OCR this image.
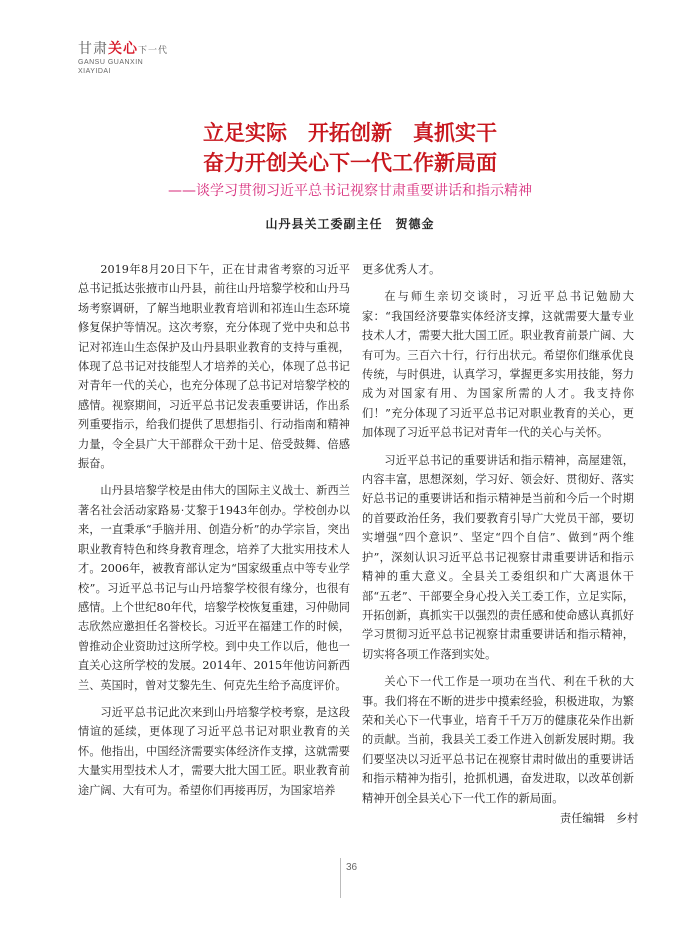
甘肃关心下一代
GANSU GUANXIN
XIAYIDAI
立足实际　开拓创新　真抓实干
奋力开创关心下一代工作新局面
——谈学习贯彻习近平总书记视察甘肃重要讲话和指示精神
山丹县关工委副主任　贺德金

2019年8月20日下午，正在甘肃省考察的习近平总书记抵达张掖市山丹县，前往山丹培黎学校和山丹马场考察调研，了解当地职业教育培训和祁连山生态环境修复保护等情况。这次考察，充分体现了党中央和总书记对祁连山生态保护及山丹县职业教育的支持与重视，体现了总书记对技能型人才培养的关心，体现了总书记对青年一代的关心，也充分体现了总书记对培黎学校的感情。视察期间，习近平总书记发表重要讲话，作出系列重要指示，给我们提供了思想指引、行动指南和精神力量，令全县广大干部群众干劲十足、倍受鼓舞、倍感振奋。

山丹县培黎学校是由伟大的国际主义战士、新西兰著名社会活动家路易·艾黎于1943年创办。学校创办以来，一直秉承“手脑并用、创造分析”的办学宗旨，突出职业教育特色和终身教育理念，培养了大批实用技术人才。2006年，被教育部认定为“国家级重点中等专业学校”。习近平总书记与山丹培黎学校很有缘分，也很有感情。上个世纪80年代，培黎学校恢复重建，习仲勋同志欣然应邀担任名誉校长。习近平在福建工作的时候，曾推动企业资助过这所学校。到中央工作以后，他也一直关心这所学校的发展。2014年、2015年他访问新西兰、英国时，曾对艾黎先生、何克先生给予高度评价。

习近平总书记此次来到山丹培黎学校考察，是这段情谊的延续，更体现了习近平总书记对职业教育的关怀。他指出，中国经济需要实体经济作支撑，这就需要大量实用型技术人才，需要大批大国工匠。职业教育前途广阔、大有可为。希望你们再接再厉，为国家培养

更多优秀人才。

在与师生亲切交谈时，习近平总书记勉励大家：“我国经济要靠实体经济支撑，这就需要大量专业技术人才，需要大批大国工匠。职业教育前景广阔、大有可为。三百六十行，行行出状元。希望你们继承优良传统，与时俱进，认真学习，掌握更多实用技能，努力成为对国家有用、为国家所需的人才。我支持你们！”充分体现了习近平总书记对职业教育的关心，更加体现了习近平总书记对青年一代的关心与关怀。

习近平总书记的重要讲话和指示精神，高屋建瓴，内容丰富，思想深刻，学习好、领会好、贯彻好、落实好总书记的重要讲话和指示精神是当前和今后一个时期的首要政治任务，我们要教育引导广大党员干部，要切实增强“四个意识”、坚定“四个自信”、做到“两个维护”，深刻认识习近平总书记视察甘肃重要讲话和指示精神的重大意义。全县关工委组织和广大离退休干部“五老”、干部要全身心投入关工委工作，立足实际，开拓创新，真抓实干以强烈的责任感和使命感认真抓好学习贯彻习近平总书记视察甘肃重要讲话和指示精神，切实将各项工作落到实处。

关心下一代工作是一项功在当代、利在千秋的大事。我们将在不断的进步中摸索经验，积极进取，为繁荣和关心下一代事业，培育千千万万的健康花朵作出新的贡献。当前，我县关工委工作进入创新发展时期。我们要坚决以习近平总书记在视察甘肃时做出的重要讲话和指示精神为指引，抢抓机遇，奋发进取，以改革创新精神开创全县关心下一代工作的新局面。

责任编辑　乡村
36
